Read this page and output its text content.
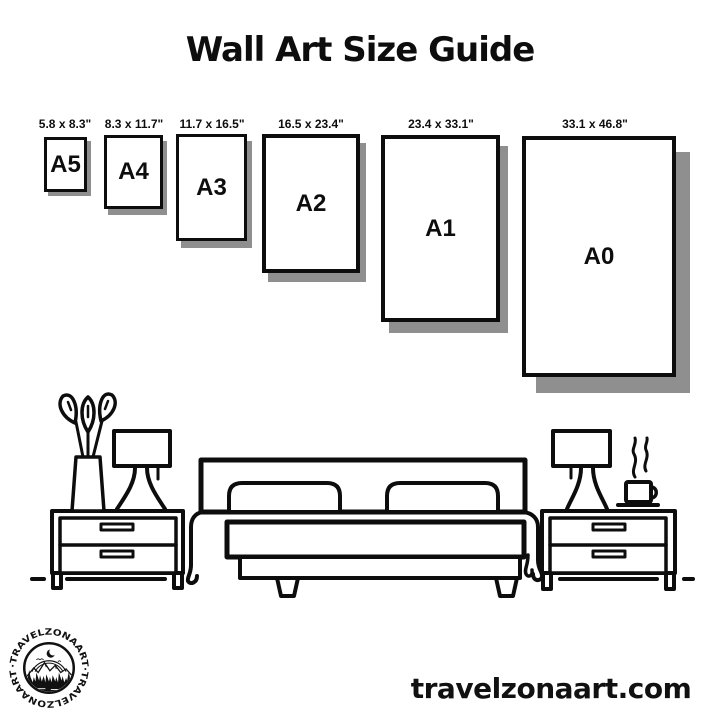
Wall Art Size Guide
5.8 x 8.3"	8.3 x 11.7"	11.7 x 16.5"	16.5 x 23.4"	23.4 x 33.1"	33.1 x 46.8"
A5 A4
A3
A2
A1
A0
·TRAVELZONAART·TRAVELZONAART	travelzonaart.com
